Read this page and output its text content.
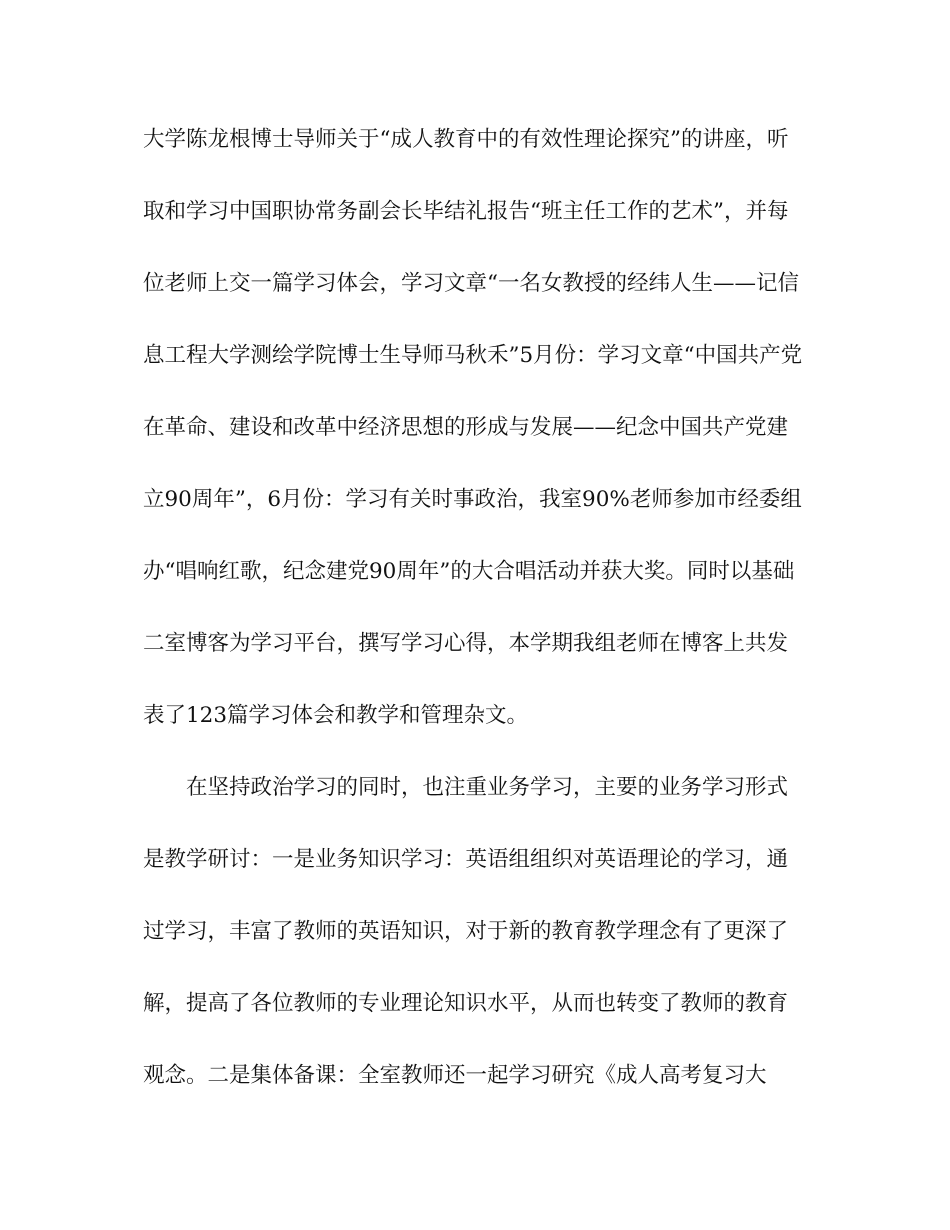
大学陈龙根博士导师关于“成人教育中的有效性理论探究”的讲座，听
取和学习中国职协常务副会长毕结礼报告“班主任工作的艺术”，并每
位老师上交一篇学习体会，学习文章“一名女教授的经纬人生——记信
息工程大学测绘学院博士生导师马秋禾”5月份：学习文章“中国共产党
在革命、建设和改革中经济思想的形成与发展——纪念中国共产党建
立90周年”，6月份：学习有关时事政治，我室90%老师参加市经委组
办“唱响红歌，纪念建党90周年”的大合唱活动并获大奖。同时以基础
二室博客为学习平台，撰写学习心得，本学期我组老师在博客上共发
表了123篇学习体会和教学和管理杂文。
在坚持政治学习的同时，也注重业务学习，主要的业务学习形式
是教学研讨：一是业务知识学习：英语组组织对英语理论的学习，通
过学习，丰富了教师的英语知识，对于新的教育教学理念有了更深了
解，提高了各位教师的专业理论知识水平，从而也转变了教师的教育
观念。二是集体备课：全室教师还一起学习研究《成人高考复习大
